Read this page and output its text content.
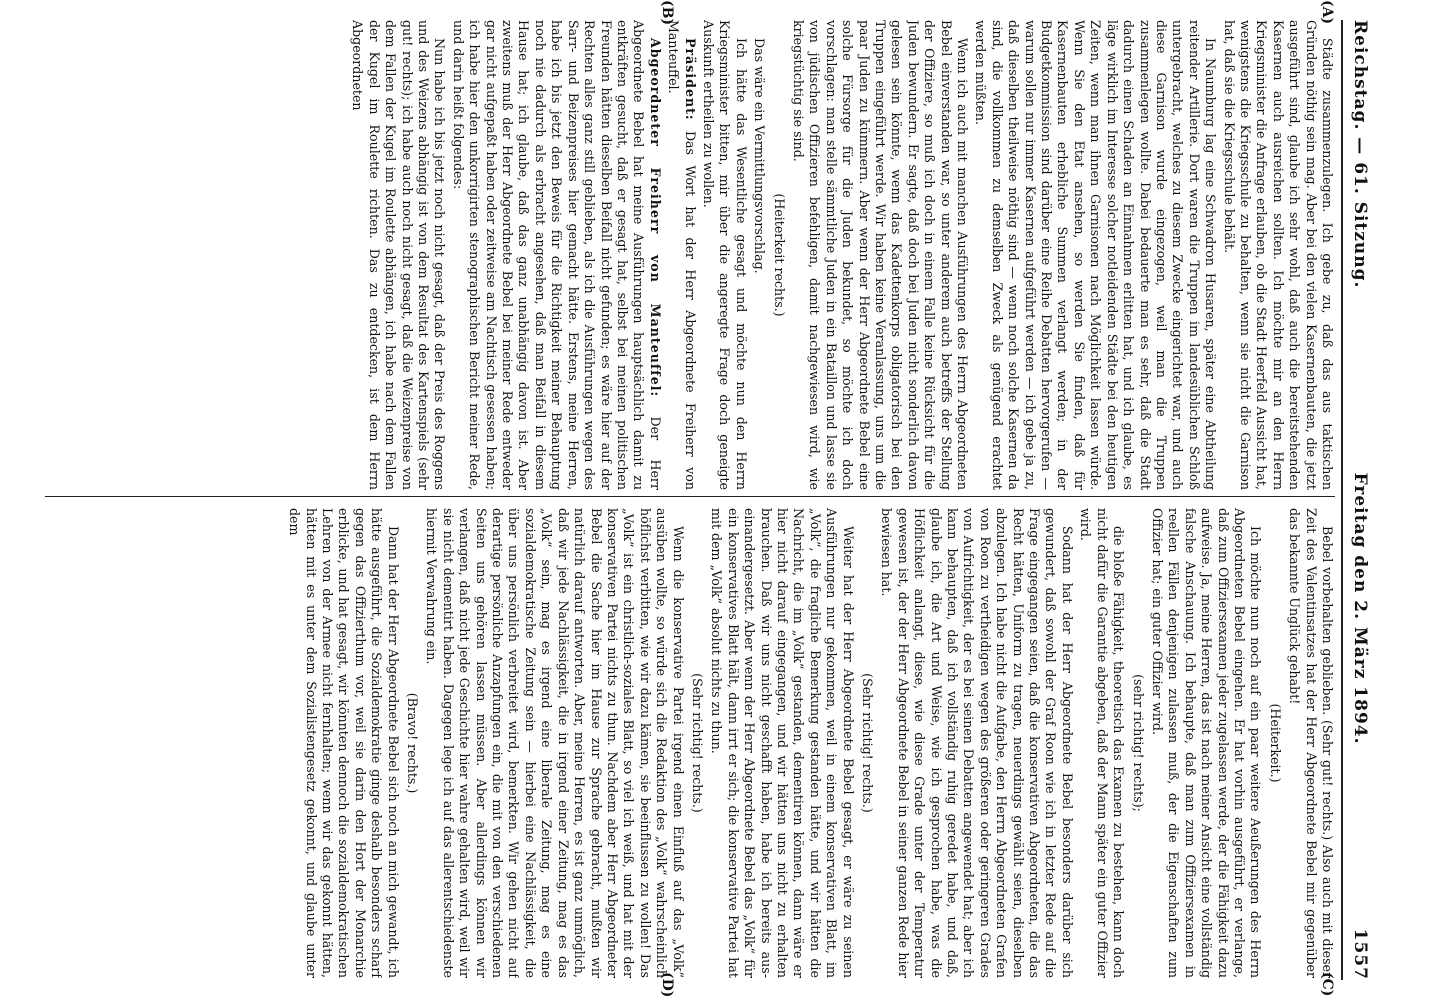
Reichstag. — 61. Sitzung.
Freitag den 2. März 1894.
1557
(A)
(B)
(C)
(D)

Städte zusammenzulegen. Ich gebe zu, daß das aus taktischen Gründen nöthig sein mag. Aber bei den vielen Kasernenbauten, die jetzt ausgeführt sind, glaube ich sehr wohl, daß auch die bereitstehenden Kasernen auch ausreichen sollten. Ich möchte mir an den Herrn Kriegsminister die Anfrage erlauben, ob die Stadt Heerfeld Aussicht hat, wenigstens die Kriegsschule zu behalten, wenn sie nicht die Garnison hat, daß sie die Kriegsschule behält.

In Naumburg lag eine Schwadron Husaren, später eine Abtheilung reitender Artillerie. Dort waren die Truppen im landesüblichen Schloß untergebracht, welches zu diesem Zwecke eingerichtet war, und auch diese Garnison wurde eingezogen, weil man die Truppen zusammenlegen wollte. Dabei bedauerte man es sehr, daß die Stadt dadurch einen Schaden an Einnahmen erlitten hat, und ich glaube, es läge wirklich im Interesse solcher notleidenden Städte bei den heutigen Zeiten, wenn man ihnen Garnisonen nach Möglichkeit lassen würde. Wenn Sie den Etat ansehen, so werden Sie finden, daß für Kasernenbauten erhebliche Summen verlangt werden; in der Budgetkommission sind darüber eine Reihe Debatten hervorgerufen — warum sollen nur immer Kasernen aufgeführt werden — ich gebe ja zu, daß dieselben theilweise nöthig sind — wenn noch solche Kasernen da sind, die vollkommen zu demselben Zweck als genügend erachtet werden müßten.

Wenn ich auch mit manchen Ausführungen des Herrn Abgeordneten Bebel einverstanden war, so unter anderem auch betreffs der Stellung der Offiziere, so muß ich doch in einem Falle keine Rücksicht für die Juden bewundern. Er sagte, daß doch bei Juden nicht sonderlich davon gelesen sein könnte, wenn das Kadettenkorps obligatorisch bei den Truppen eingeführt werde. Wir haben keine Veranlassung, uns um die paar Juden zu kümmern. Aber wenn der Herr Abgeordnete Bebel eine solche Fürsorge für die Juden bekundet, so möchte ich doch vorschlagen: man stelle sämmtliche Juden in ein Bataillon und lasse sie von jüdischen Offizieren befehligen, damit nachgewiesen wird, wie kriegstüchtig sie sind.

(Heiterkeit rechts.)

Das wäre ein Vermittlungsvorschlag.

Ich hätte das Wesentliche gesagt und möchte nun den Herrn Kriegsminister bitten, mir über die angeregte Frage doch geneigte Auskunft ertheilen zu wollen.

Präsident: Das Wort hat der Herr Abgeordnete Freiherr von Manteuffel.

Abgeordneter Freiherr von Manteuffel: Der Herr Abgeordnete Bebel hat meine Ausführungen hauptsächlich damit zu entkräften gesucht, daß er gesagt hat, selbst bei meinen politischen Freunden hätten dieselben Beifall nicht gefunden; es wäre hier auf der Rechten alles ganz still geblieben, als ich die Ausführungen wegen des Sarr- und Beizenpreises hier gemacht hätte. Erstens, meine Herren, habe ich bis jetzt den Beweis für die Richtigkeit meiner Behauptung noch nie dadurch als erbracht angesehen, daß man Beifall in diesem Hause hat; ich glaube, daß das ganz unabhängig davon ist. Aber zweitens muß der Herr Abgeordnete Bebel bei meiner Rede entweder gar nicht aufgepaßt haben oder zeitweise am Nachtisch gesessen haben; ich habe hier den unkorrigirten stenographischen Bericht meiner Rede, und darin heißt folgendes:

Nun habe ich bis jetzt noch nicht gesagt, daß der Preis des Roggens und des Weizens abhängig ist von dem Resultat des Kartenspiels (sehr gut! rechts); ich habe auch noch nicht gesagt, daß die Weizenpreise von dem Fallen der Kugel im Roulette abhängen, ich habe nach dem Fallen der Kugel im Roulette richten. Das zu entdecken, ist dem Herrn Abgeordneten

Bebel vorbehalten geblieben. (Sehr gut! rechts.) Also auch mit dieser Zeit des Valentinsatzes hat der Herr Abgeordnete Bebel mir gegenüber das bekannte Unglück gehabt!

(Heiterkeit.)

Ich möchte nun noch auf ein paar weitere Aeußerungen des Herrn Abgeordneten Bebel eingehen. Er hat vorhin ausgeführt, er verlange, daß zum Offiziersexamen jeder zugelassen werde, der die Fähigkeit dazu aufweise. Ja, meine Herren, das ist nach meiner Ansicht eine vollständig falsche Anschauung. Ich behaupte, daß man zum Offiziersexamen in reellen Fällen denjenigen zulassen muß, der die Eigenschaften zum Offizier hat; ein guter Offizier wird.

(sehr richtig! rechts);

die bloße Fähigkeit, theoretisch das Examen zu bestehen, kann doch nicht dafür die Garantie abgeben, daß der Mann später ein guter Offizier wird.

Sodann hat der Herr Abgeordnete Bebel besonders darüber sich gewundert, daß sowohl der Graf Roon wie ich in letzter Rede auf die Frage eingegangen seien, daß die konservativen Abgeordneten, die das Recht hätten, Uniform zu tragen, neuerdings gewählt seien, dieselben abzulegen. Ich habe nicht die Aufgabe, den Herrn Abgeordneten Grafen von Roon zu vertheidigen wegen des größeren oder geringeren Grades von Aufrichtigkeit, der es bei seinen Debatten angewendet hat; aber ich kann behaupten, daß ich vollständig ruhig geredet habe, und daß, glaube ich, die Art und Weise, wie ich gesprochen habe, was die Höflichkeit anlangt, diese, wie diese Grade unter der Temperatur gewesen ist, der der Herr Abgeordnete Bebel in seiner ganzen Rede hier bewiesen hat.

(Sehr richtig! rechts.)

Weiter hat der Herr Abgeordnete Bebel gesagt, er wäre zu seinen Ausführungen nur gekommen, weil in einem konservativen Blatt, im „Volk“, die fragliche Bemerkung gestanden hätte, und wir hätten die Nachricht, die im „Volk“ gestanden, dementiren können, dann wäre er hier nicht darauf eingegangen, und wir hätten uns nicht zu erhalten brauchen. Daß wir uns nicht geschafft haben, habe ich bereits auseinandergesetzt. Aber wenn der Herr Abgeordnete Bebel das „Volk“ für ein konservatives Blatt hält, dann irrt er sich; die konservative Partei hat mit dem „Volk“ absolut nichts zu thun.

(Sehr richtig! rechts.)

Wenn die konservative Partei irgend einen Einfluß auf das „Volk“ ausüben wollte, so würde sich die Redaktion des „Volk“ wahrscheinlich höflichst verbitten, wie wir dazu kämen, sie beeinflussen zu wollen! Das „Volk“ ist ein christlich-soziales Blatt, so viel ich weiß, und hat mit der konservativen Partei nichts zu thun. Nachdem aber Herr Abgeordneter Bebel die Sache hier im Hause zur Sprache gebracht, mußten wir natürlich darauf antworten. Aber, meine Herren, es ist ganz unmöglich, daß wir jede Nachlässigkeit, die in irgend einer Zeitung, mag es das „Volk“ sein, mag es irgend eine liberale Zeitung, mag es eine sozialdemokratische Zeitung sein — hierbei eine Nachlässigkeit, die über uns persönlich verbreitet wird, bemerkten. Wir gehen nicht auf derartige persönliche Anzapfungen ein, die mit von den verschiedenen Seiten uns gehören lassen müssen. Aber allerdings können wir verlangen, daß nicht jede Geschichte hier wahre gehalten wird, weil wir sie nicht dementirt haben. Dagegen lege ich auf das allerentschiedenste hiermit Verwahrung ein.

(Bravo! rechts.)

Dann hat der Herr Abgeordnete Bebel sich noch an mich gewandt, ich hätte ausgeführt, die Sozialdemokratie ginge deshalb besonders scharf gegen das Offizierthum vor, weil sie darin den Hort der Monarchie erblicke, und hat gesagt, wir könnten dennoch die sozialdemokratischen Lehren von der Armee nicht fernhalten; wenn wir das gekonnt hätten, hätten mit es unter dem Sozialistengesetz gekonnt, und glaube unter dem
